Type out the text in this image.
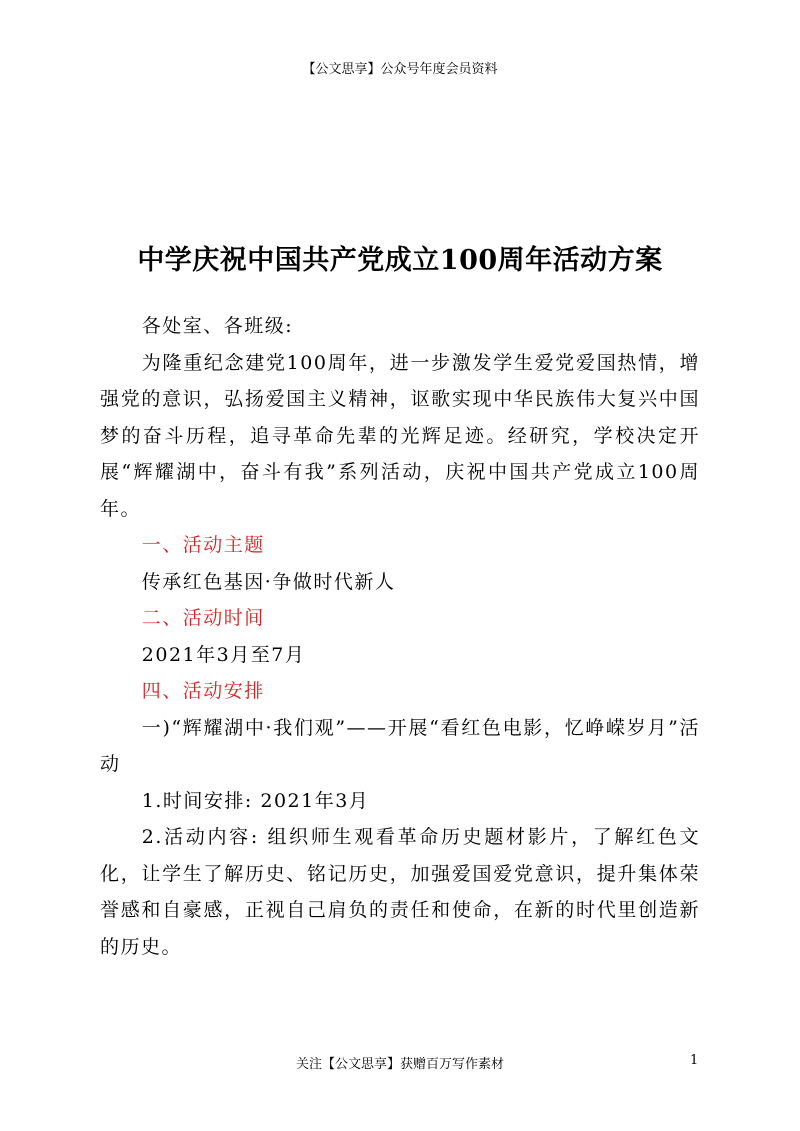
【公文思享】公众号年度会员资料
中学庆祝中国共产党成立100周年活动方案

各处室、各班级:

为隆重纪念建党100周年，进一步激发学生爱党爱国热情，增强党的意识，弘扬爱国主义精神，讴歌实现中华民族伟大复兴中国梦的奋斗历程，追寻革命先辈的光辉足迹。经研究，学校决定开展“辉耀湖中，奋斗有我”系列活动，庆祝中国共产党成立100周年。

一、活动主题

传承红色基因·争做时代新人

二、活动时间

2021年3月至7月

四、活动安排

一)“辉耀湖中·我们观”——开展“看红色电影，忆峥嵘岁月”活动

1.时间安排: 2021年3月

2.活动内容: 组织师生观看革命历史题材影片，了解红色文化，让学生了解历史、铭记历史，加强爱国爱党意识，提升集体荣誉感和自豪感，正视自己肩负的责任和使命，在新的时代里创造新的历史。

关注【公文思享】获赠百万写作素材	1
